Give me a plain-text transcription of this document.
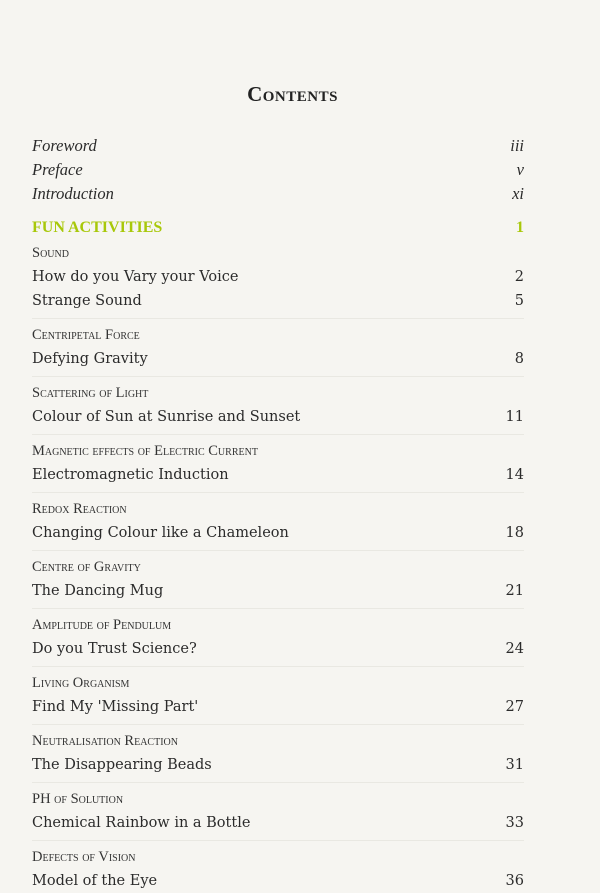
Contents
Foreword	iii
Preface	v
Introduction	xi
FUN ACTIVITIES	1
Sound
How do you Vary your Voice	2
Strange Sound	5
Centripetal Force
Defying Gravity	8
Scattering of Light
Colour of Sun at Sunrise and Sunset	11
Magnetic effects of Electric Current
Electromagnetic Induction	14
Redox Reaction
Changing Colour like a Chameleon	18
Centre of Gravity
The Dancing Mug	21
Amplitude of Pendulum
Do you Trust Science?	24
Living Organism
Find My 'Missing Part'	27
Neutralisation Reaction
The Disappearing Beads	31
PH of Solution
Chemical Rainbow in a Bottle	33
Defects of Vision
Model of the Eye	36
